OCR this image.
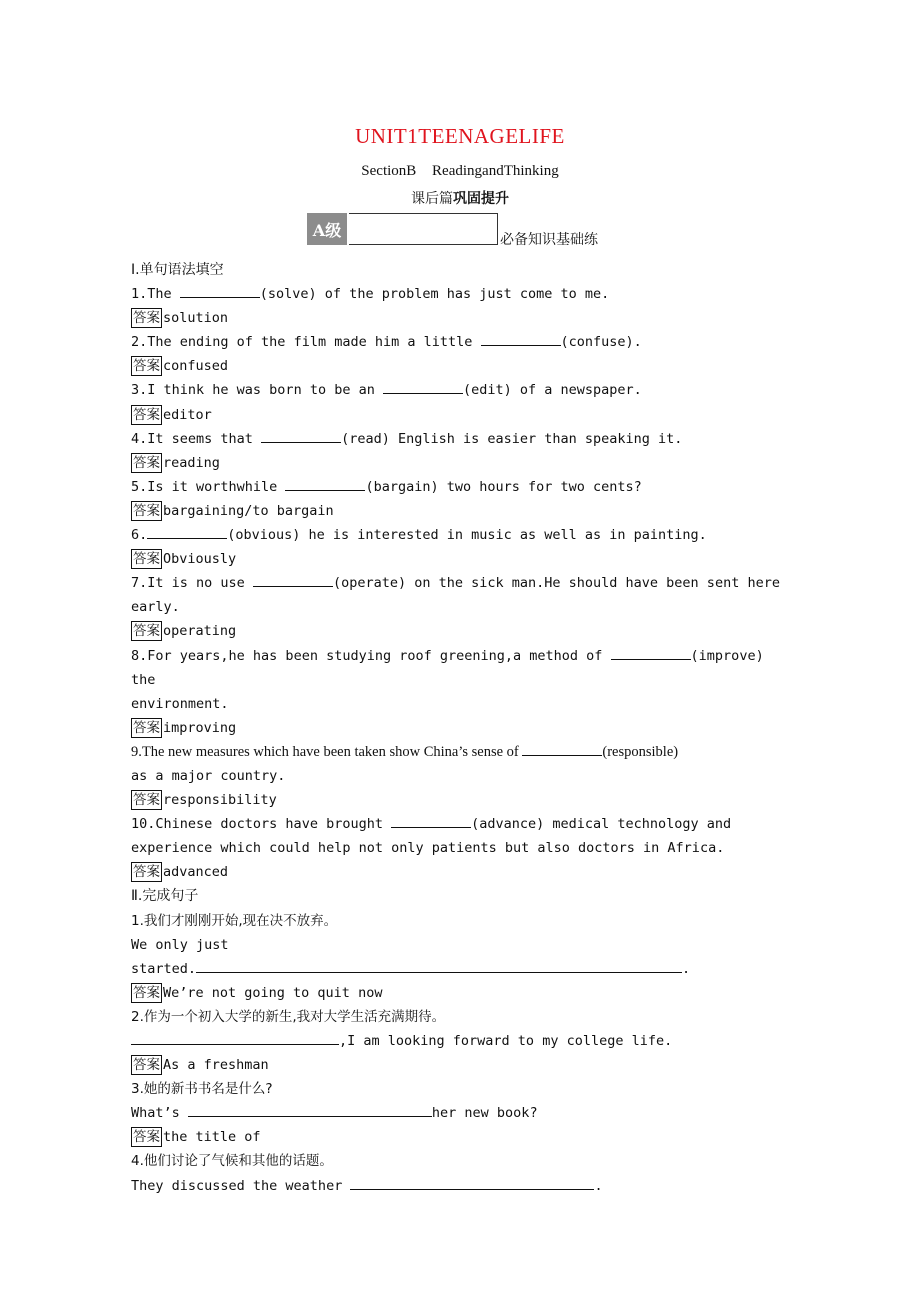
UNIT1TEENAGELIFE
SectionB ReadingandThinking
课后篇巩固提升
A级
必备知识基础练
Ⅰ.单句语法填空
1.The	(solve) of the problem has just come to me.
答案 solution
2.The ending of the film made him a little	(confuse).
答案 confused
3.I think he was born to be an	(edit) of a newspaper.
答案 editor
4.It seems that	(read) English is easier than speaking it.
答案 reading
5.Is it worthwhile	(bargain) two hours for two cents?
答案 bargaining/to bargain
6.	(obvious) he is interested in music as well as in painting.
答案 Obviously
7.It is no use	(operate) on the sick man.He should have been sent here
early.
答案 operating
8.For years,he has been studying roof greening,a method of	(improve) the
environment.
答案 improving
9.The new measures which have been taken show China’s sense of	(responsible)
as a major country.
答案 responsibility
10.Chinese doctors have brought	(advance) medical technology and
experience which could help not only patients but also doctors in Africa.
答案 advanced
Ⅱ.完成句子
1.我们才刚刚开始,现在决不放弃。
We only just
started.	.
答案 We’re not going to quit now
2.作为一个初入大学的新生,我对大学生活充满期待。
,I am looking forward to my college life.
答案 As a freshman
3.她的新书书名是什么?
What’s	her new book?
答案 the title of
4.他们讨论了气候和其他的话题。
They discussed the weather	.
